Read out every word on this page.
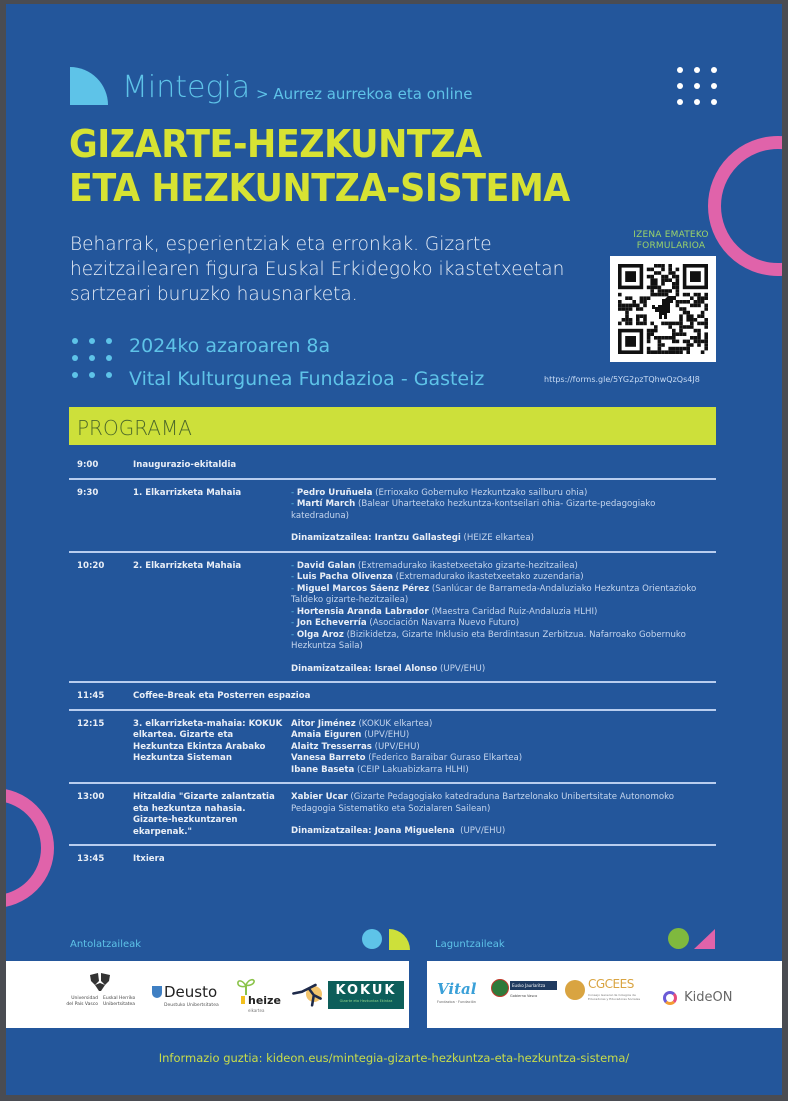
Mintegia > Aurrez aurrekoa eta online
GIZARTE-HEZKUNTZA
ETA HEZKUNTZA-SISTEMA
Beharrak, esperientziak eta erronkak. Gizarte hezitzailearen figura Euskal Erkidegoko ikastetxeetan sartzeari buruzko hausnarketa.
IZENA EMATEKO
FORMULARIOA
https://forms.gle/5YG2pzTQhwQzQs4J8
2024ko azaroaren 8a
Vital Kulturgunea Fundazioa - Gasteiz
PROGRAMA
9:00	Inaugurazio-ekitaldia
9:30	1. Elkarrizketa Mahaia	- Pedro Uruñuela (Errioxako Gobernuko Hezkuntzako sailburu ohia)
- Martí March (Balear Uharteetako hezkuntza-kontseilari ohia- Gizarte-pedagogiako katedraduna)
Dinamizatzailea: Irantzu Gallastegi (HEIZE elkartea)
10:20	2. Elkarrizketa Mahaia	- David Galan (Extremadurako ikastetxeetako gizarte-hezitzailea)
- Luis Pacha Olivenza (Extremadurako ikastetxeetako zuzendaria)
- Miguel Marcos Sáenz Pérez (Sanlúcar de Barrameda-Andaluziako Hezkuntza Orientazioko Taldeko gizarte-hezitzailea)
- Hortensia Aranda Labrador (Maestra Caridad Ruiz-Andaluzia HLHI)
- Jon Echeverría (Asociación Navarra Nuevo Futuro)
- Olga Aroz (Bizikidetza, Gizarte Inklusio eta Berdintasun Zerbitzua. Nafarroako Gobernuko Hezkuntza Saila)
Dinamizatzailea: Israel Alonso (UPV/EHU)
11:45	Coffee-Break eta Posterren espazioa
12:15	3. elkarrizketa-mahaia: KOKUK elkartea. Gizarte eta Hezkuntza Ekintza Arabako Hezkuntza Sisteman
Aitor Jiménez (KOKUK elkartea)
Amaia Eiguren (UPV/EHU)
Alaitz Tresserras (UPV/EHU)
Vanesa Barreto (Federico Baraibar Guraso Elkartea)
Ibane Baseta (CEIP Lakuabizkarra HLHI)
13:00	Hitzaldia "Gizarte zalantzatia eta hezkuntza nahasia. Gizarte-hezkuntzaren ekarpenak."
Xabier Ucar (Gizarte Pedagogiako katedraduna Bartzelonako Unibertsitate Autonomoko Pedagogia Sistematiko eta Sozialaren Sailean)
Dinamizatzailea: Joana Miguelena  (UPV/EHU)
13:45	Itxiera
Antolatzaileak	Laguntzaileak
Universidad
del País Vasco
Euskal Herriko
Unibertsitatea
Deusto
Deustuko Unibertsitatea	heize
elkartea
KOKUK
Gizarte eta Hezkuntza Ekintza
Vital
Fundazioa · Fundación
Eusko Jaurlaritza
Gobierno Vasco
CGCEES
Consejo General de Colegios de Educadoras y Educadores Sociales	KideON
Informazio guztia: kideon.eus/mintegia-gizarte-hezkuntza-eta-hezkuntza-sistema/
